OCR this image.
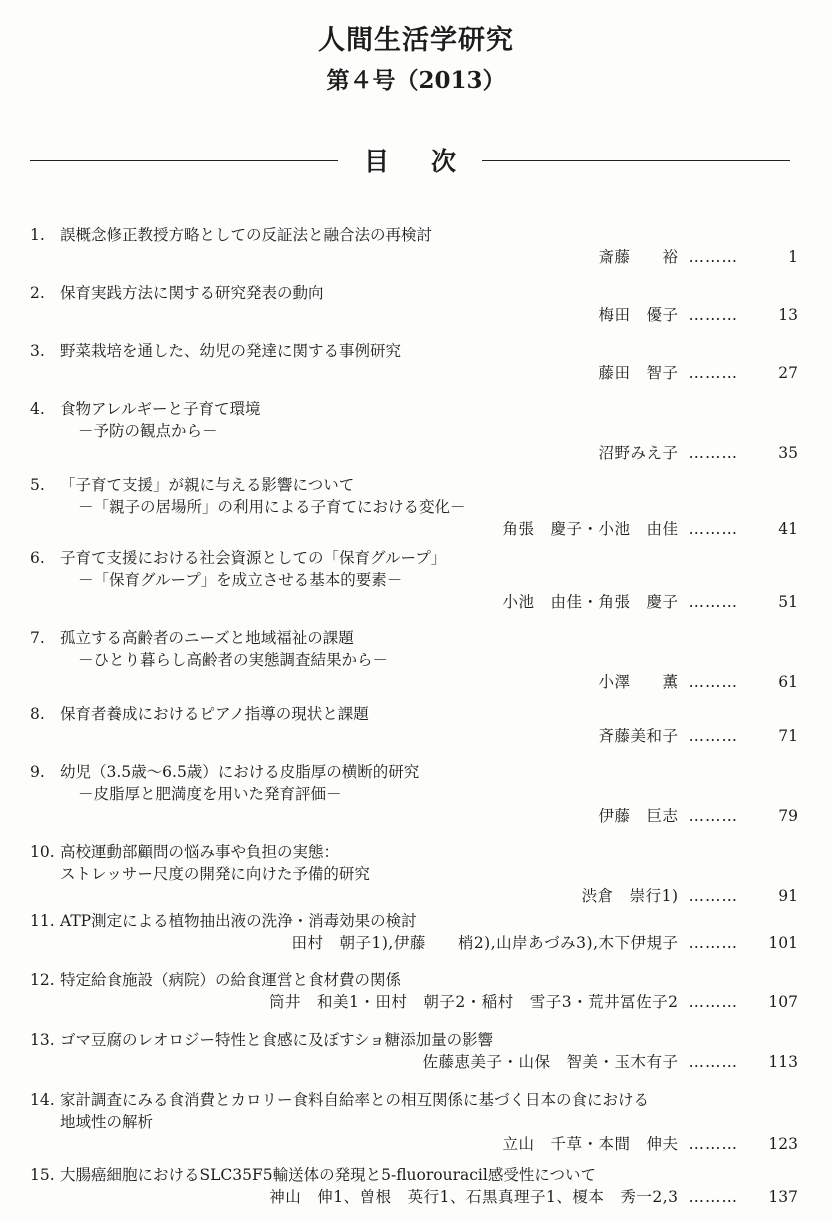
人間生活学研究
第４号（2013）
目次
1. 誤概念修正教授方略としての反証法と融合法の再検討
斎藤　　裕 ………	1
2. 保育実践方法に関する研究発表の動向
梅田　優子 ………	13
3. 野菜栽培を通した、幼児の発達に関する事例研究
藤田　智子 ………	27
4. 食物アレルギーと子育て環境
－予防の観点から－
沼野みえ子 ………	35
5. 「子育て支援」が親に与える影響について
－「親子の居場所」の利用による子育てにおける変化－
角張　慶子・小池　由佳 ………	41
6. 子育て支援における社会資源としての「保育グループ」
－「保育グループ」を成立させる基本的要素－
小池　由佳・角張　慶子 ………	51
7. 孤立する高齢者のニーズと地域福祉の課題
－ひとり暮らし高齢者の実態調査結果から－
小澤　　薫 ………	61
8. 保育者養成におけるピアノ指導の現状と課題
斉藤美和子 ………	71
9. 幼児（3.5歳～6.5歳）における皮脂厚の横断的研究
－皮脂厚と肥満度を用いた発育評価－
伊藤　巨志 ………	79
10. 高校運動部顧問の悩み事や負担の実態：
ストレッサー尺度の開発に向けた予備的研究
渋倉　崇行1) ………	91
11. ATP測定による植物抽出液の洗浄・消毒効果の検討
田村　朝子1),伊藤　　梢2),山岸あづみ3),木下伊規子 ………	101
12. 特定給食施設（病院）の給食運営と食材費の関係
筒井　和美1・田村　朝子2・稲村　雪子3・荒井冨佐子2 ………	107
13. ゴマ豆腐のレオロジー特性と食感に及ぼすショ糖添加量の影響
佐藤恵美子・山保　智美・玉木有子 ………	113
14. 家計調査にみる食消費とカロリー食料自給率との相互関係に基づく日本の食における
地域性の解析
立山　千草・本間　伸夫 ………	123
15. 大腸癌細胞におけるSLC35F5輸送体の発現と5-fluorouracil感受性について
神山　伸1、曽根　英行1、石黒真理子1、榎本　秀一2,3 ………	137
